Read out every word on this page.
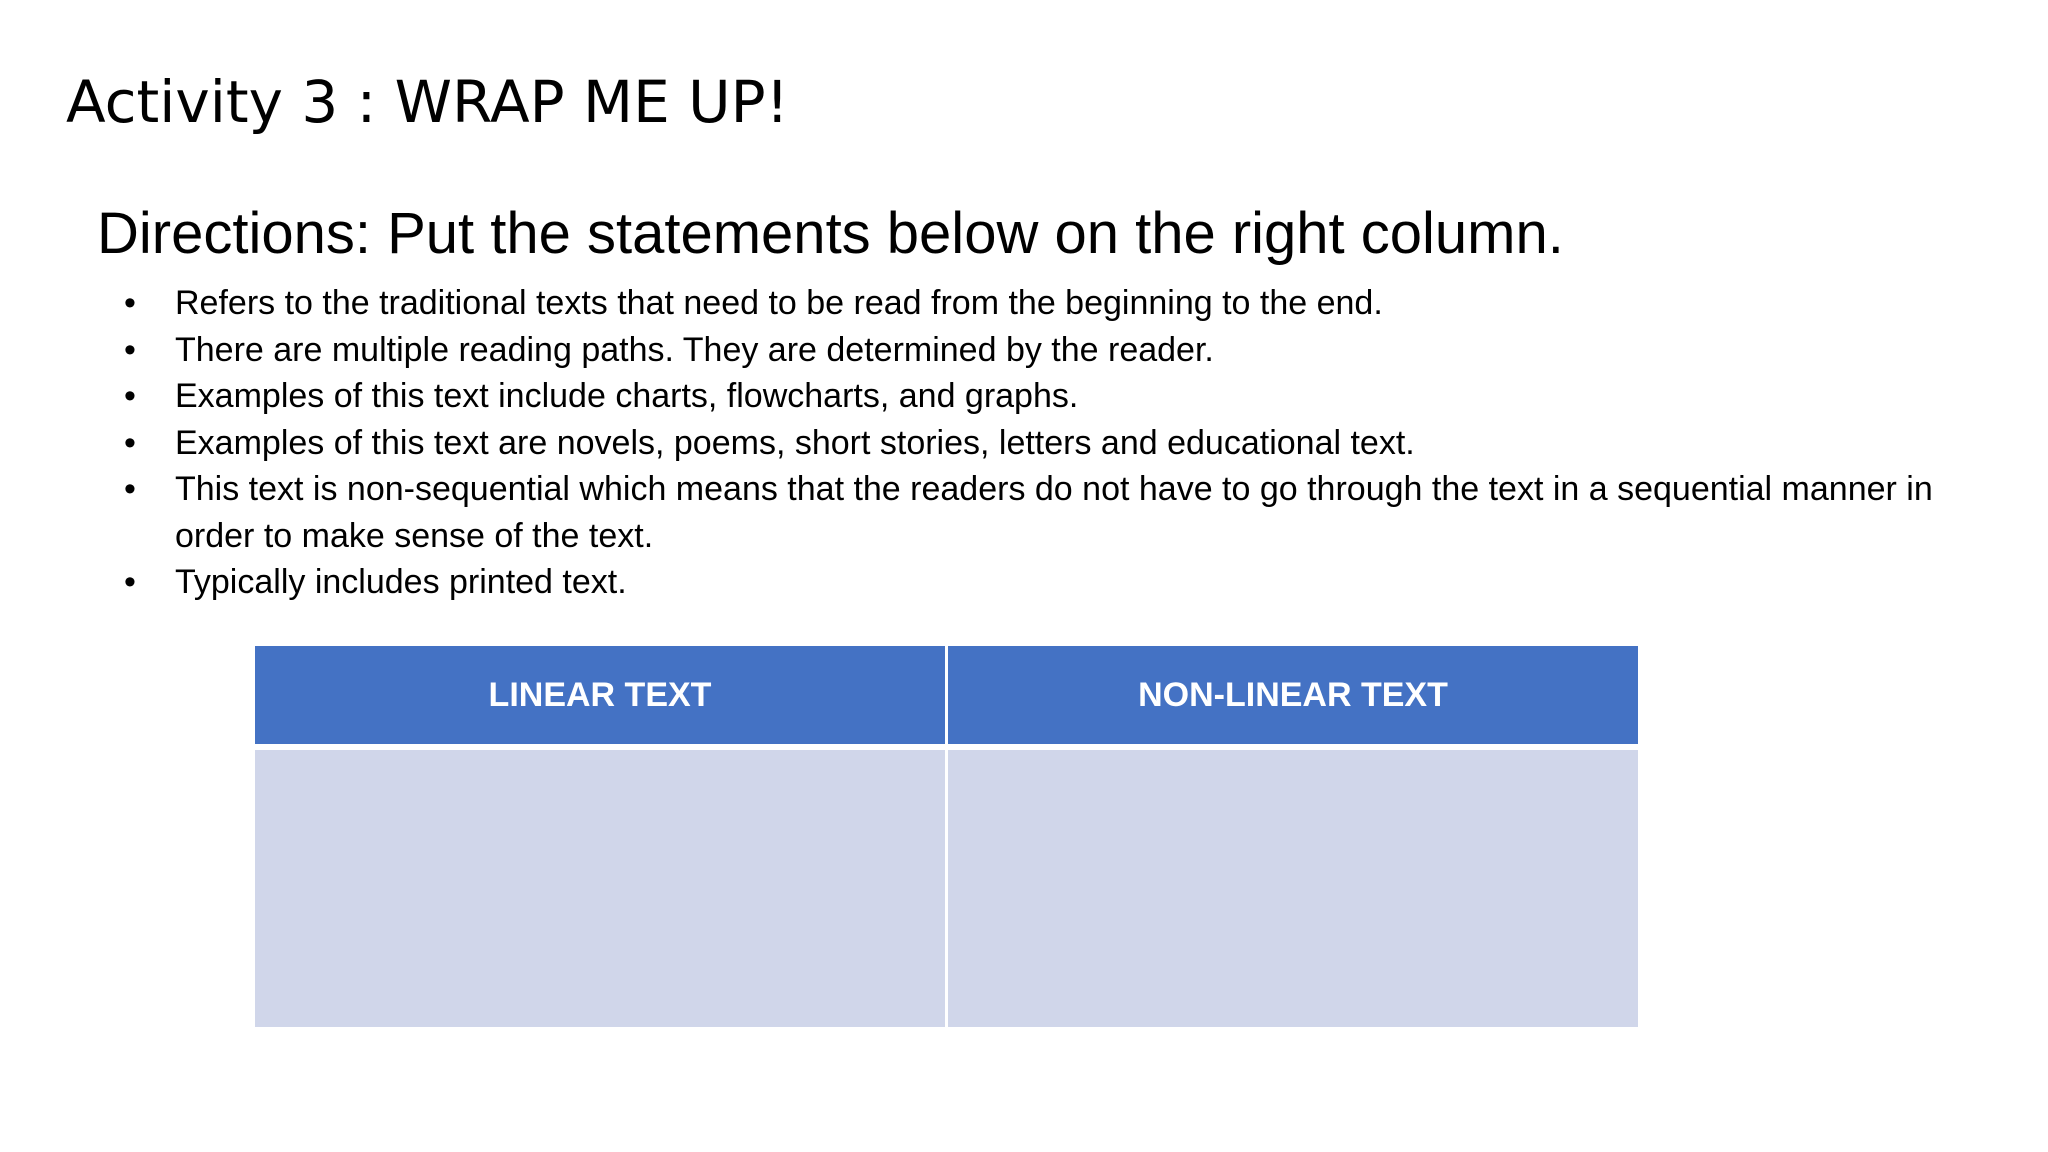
Activity 3 : WRAP ME UP!
Directions: Put the statements below on the right column.
•	Refers to the traditional texts that need to be read from the beginning to the end.
•	There are multiple reading paths. They are determined by the reader.
•	Examples of this text include charts, flowcharts, and graphs.
•	Examples of this text are novels, poems, short stories, letters and educational text.
•	This text is non-sequential which means that the readers do not have to go through the text in a sequential manner in order to make sense of the text.
•	Typically includes printed text.
LINEAR TEXT	NON-LINEAR TEXT
